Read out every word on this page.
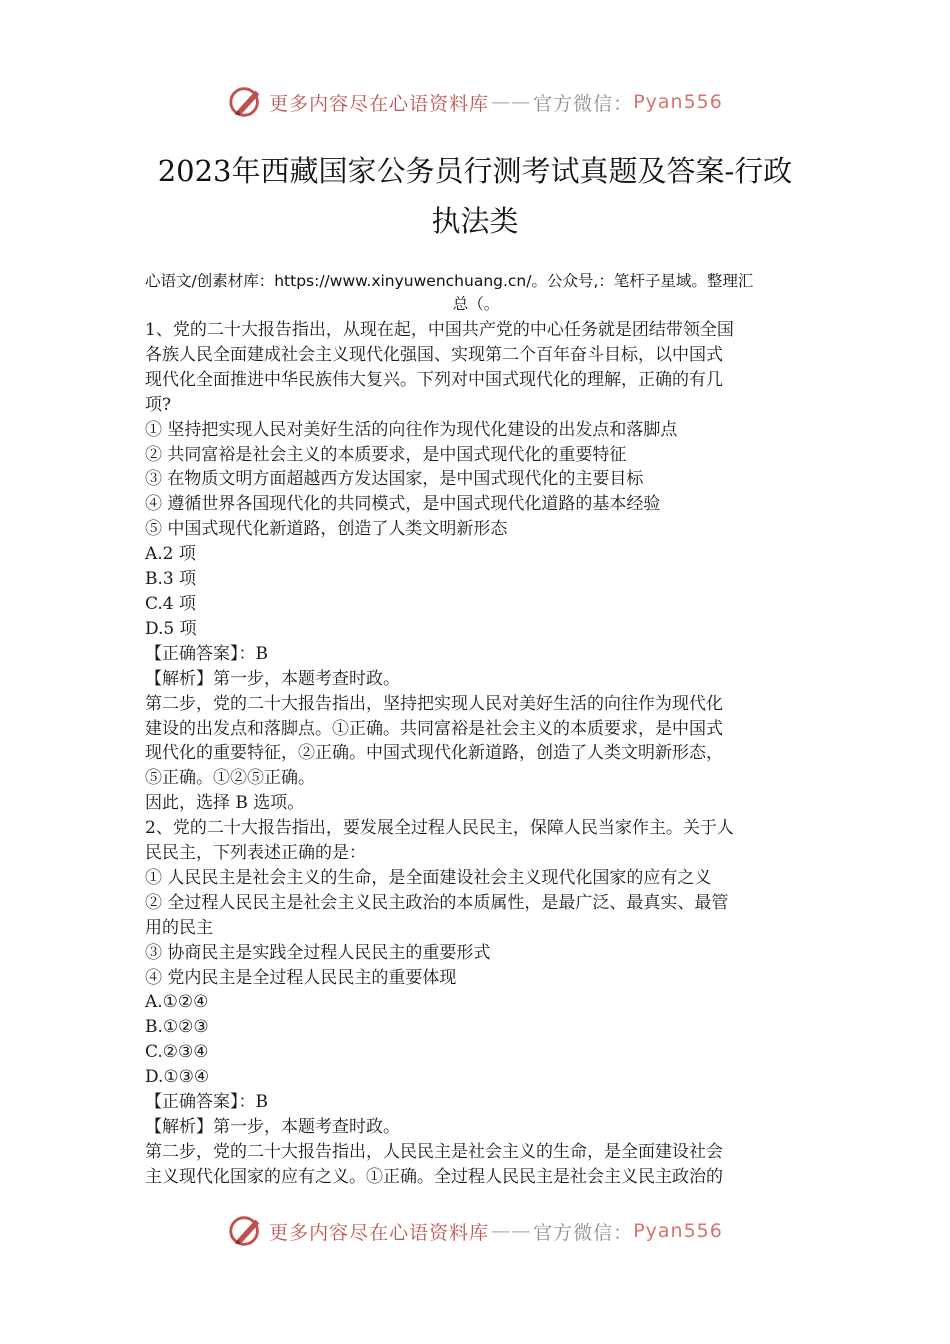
更多内容尽在心语资料库 —— 官方微信： Pyan556
2023年西藏国家公务员行测考试真题及答案-行政
执法类
心语文/创素材库：https://www.xinyuwenchuang.cn/。公众号,：笔杆子星域。整理汇
总（。

1、党的二十大报告指出，从现在起，中国共产党的中心任务就是团结带领全国

各族人民全面建成社会主义现代化强国、实现第二个百年奋斗目标，以中国式

现代化全面推进中华民族伟大复兴。下列对中国式现代化的理解，正确的有几

项?

① 坚持把实现人民对美好生活的向往作为现代化建设的出发点和落脚点

② 共同富裕是社会主义的本质要求，是中国式现代化的重要特征

③ 在物质文明方面超越西方发达国家，是中国式现代化的主要目标

④ 遵循世界各国现代化的共同模式，是中国式现代化道路的基本经验

⑤ 中国式现代化新道路，创造了人类文明新形态

A.2 项

B.3 项

C.4 项

D.5 项

【正确答案】：B

【解析】第一步，本题考查时政。

第二步，党的二十大报告指出，坚持把实现人民对美好生活的向往作为现代化

建设的出发点和落脚点。①正确。共同富裕是社会主义的本质要求，是中国式

现代化的重要特征，②正确。中国式现代化新道路，创造了人类文明新形态，

⑤正确。①②⑤正确。

因此，选择 B 选项。

2、党的二十大报告指出，要发展全过程人民民主，保障人民当家作主。关于人

民民主，下列表述正确的是：

① 人民民主是社会主义的生命，是全面建设社会主义现代化国家的应有之义

② 全过程人民民主是社会主义民主政治的本质属性，是最广泛、最真实、最管

用的民主

③ 协商民主是实践全过程人民民主的重要形式

④ 党内民主是全过程人民民主的重要体现

A.①②④

B.①②③

C.②③④

D.①③④

【正确答案】：B

【解析】第一步，本题考查时政。

第二步，党的二十大报告指出，人民民主是社会主义的生命，是全面建设社会

主义现代化国家的应有之义。①正确。全过程人民民主是社会主义民主政治的

更多内容尽在心语资料库 —— 官方微信： Pyan556
